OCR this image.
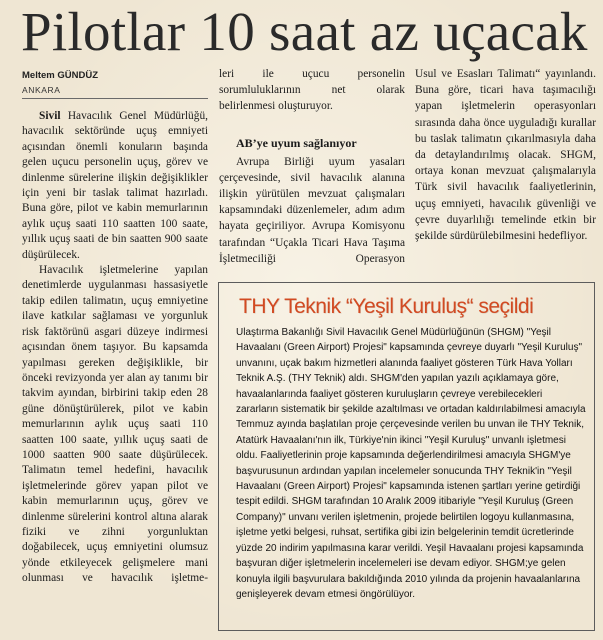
Pilotlar 10 saat az uçacak
Meltem GÜNDÜZ
ANKARA

Sivil Havacılık Genel Müdürlüğü, havacılık sektöründe uçuş emniyeti açısından önemli konuların başında gelen uçucu personelin uçuş, görev ve dinlenme sürelerine ilişkin değişiklikler için yeni bir taslak talimat hazırladı. Buna göre, pilot ve kabin memurlarının aylık uçuş saati 110 saatten 100 saate, yıllık uçuş saati de bin saatten 900 saate düşürülecek.

Havacılık işletmelerine yapılan denetimlerde uygulanması hassasiyetle takip edilen talimatın, uçuş emniyetine ilave katkılar sağlaması ve yorgunluk risk faktörünü asgari düzeye indirmesi açısından önem taşıyor. Bu kapsamda yapılması gereken değişiklikle, bir önceki revizyonda yer alan ay tanımı bir takvim ayından, birbirini takip eden 28 güne dönüştürülerek, pilot ve kabin memurlarının aylık uçuş saati 110 saatten 100 saate, yıllık uçuş saati de 1000 saatten 900 saate düşürülecek. Talimatın temel hedefini, havacılık işletmelerinde görev yapan pilot ve kabin memurlarının uçuş, görev ve dinlenme sürelerini kontrol altına alarak fiziki ve zihni yorgunluktan doğabilecek, uçuş emniyetini olumsuz yönde etkileyecek gelişmelere mani olunması ve havacılık işletme-

leri ile uçucu personelin sorumluluklarının net olarak belirlenmesi oluşturuyor.

AB’ye uyum sağlanıyor

Avrupa Birliği uyum yasaları çerçevesinde, sivil havacılık alanına ilişkin yürütülen mevzuat çalışmaları kapsamındaki düzenlemeler, adım adım hayata geçiriliyor. Avrupa Komisyonu tarafından “Uçakla Ticari Hava Taşıma İşletmeciliği Operasyon

Usul ve Esasları Talimatı“ yayınlandı. Buna göre, ticari hava taşımacılığı yapan işletmelerin operasyonları sırasında daha önce uyguladığı kurallar bu taslak talimatın çıkarılmasıyla daha da detaylandırılmış olacak. SHGM, ortaya konan mevzuat çalışmalarıyla Türk sivil havacılık faaliyetlerinin, uçuş emniyeti, havacılık güvenliği ve çevre duyarlılığı temelinde etkin bir şekilde sürdürülebilmesini hedefliyor.

THY Teknik “Yeşil Kuruluş“ seçildi

Ulaştırma Bakanlığı Sivil Havacılık Genel Müdürlüğünün (SHGM) "Yeşil Havaalanı (Green Airport) Projesi" kapsamında çevreye duyarlı "Yeşil Kuruluş" unvanını, uçak bakım hizmetleri alanında faaliyet gösteren Türk Hava Yolları Teknik A.Ş. (THY Teknik) aldı. SHGM'den yapılan yazılı açıklamaya göre, havaalanlarında faaliyet gösteren kuruluşların çevreye verebilecekleri zararların sistematik bir şekilde azaltılması ve ortadan kaldırılabilmesi amacıyla Temmuz ayında başlatılan proje çerçevesinde verilen bu unvan ile THY Teknik, Atatürk Havaalanı'nın ilk, Türkiye'nin ikinci "Yeşil Kuruluş" unvanlı işletmesi oldu. Faaliyetlerinin proje kapsamında değerlendirilmesi amacıyla SHGM'ye başvurusunun ardından yapılan incelemeler sonucunda THY Teknik'in "Yeşil Havaalanı (Green Airport) Projesi" kapsamında istenen şartları yerine getirdiği tespit edildi. SHGM tarafından 10 Aralık 2009 itibariyle "Yeşil Kuruluş (Green Company)" unvanı verilen işletmenin, projede belirtilen logoyu kullanmasına, işletme yetki belgesi, ruhsat, sertifika gibi izin belgelerinin temdit ücretlerinde yüzde 20 indirim yapılmasına karar verildi. Yeşil Havaalanı projesi kapsamında başvuran diğer işletmelerin incelemeleri ise devam ediyor. SHGM;ye gelen konuyla ilgili başvurulara bakıldığında 2010 yılında da projenin havaalanlarına genişleyerek devam etmesi öngörülüyor.
